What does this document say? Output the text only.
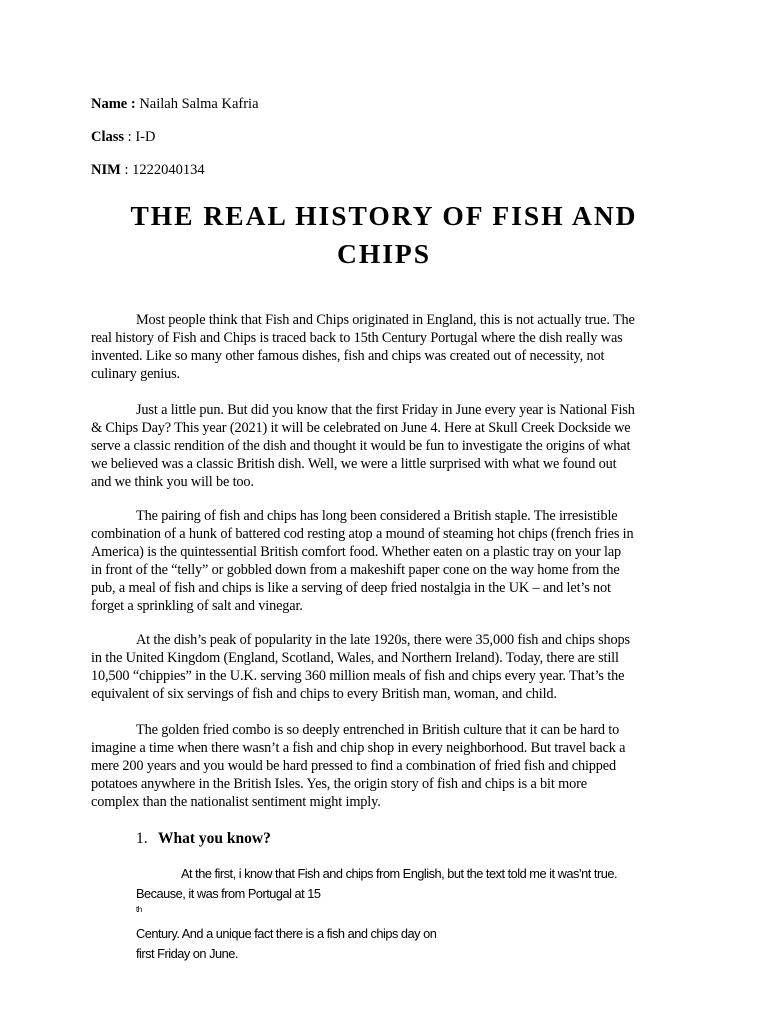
Name : Nailah Salma Kafria
Class : I-D
NIM : 1222040134
THE REAL HISTORY OF FISH AND
CHIPS
Most people think that Fish and Chips originated in England, this is not actually true. The
real history of Fish and Chips is traced back to 15th Century Portugal where the dish really was
invented. Like so many other famous dishes, fish and chips was created out of necessity, not
culinary genius.
Just a little pun. But did you know that the first Friday in June every year is National Fish
& Chips Day? This year (2021) it will be celebrated on June 4. Here at Skull Creek Dockside we
serve a classic rendition of the dish and thought it would be fun to investigate the origins of what
we believed was a classic British dish. Well, we were a little surprised with what we found out
and we think you will be too.
The pairing of fish and chips has long been considered a British staple. The irresistible
combination of a hunk of battered cod resting atop a mound of steaming hot chips (french fries in
America) is the quintessential British comfort food. Whether eaten on a plastic tray on your lap
in front of the “telly” or gobbled down from a makeshift paper cone on the way home from the
pub, a meal of fish and chips is like a serving of deep fried nostalgia in the UK – and let’s not
forget a sprinkling of salt and vinegar.
At the dish’s peak of popularity in the late 1920s, there were 35,000 fish and chips shops
in the United Kingdom (England, Scotland, Wales, and Northern Ireland). Today, there are still
10,500 “chippies” in the U.K. serving 360 million meals of fish and chips every year. That’s the
equivalent of six servings of fish and chips to every British man, woman, and child.
The golden fried combo is so deeply entrenched in British culture that it can be hard to
imagine a time when there wasn’t a fish and chip shop in every neighborhood. But travel back a
mere 200 years and you would be hard pressed to find a combination of fried fish and chipped
potatoes anywhere in the British Isles. Yes, the origin story of fish and chips is a bit more
complex than the nationalist sentiment might imply.
1. What you know?
At the first, i know that Fish and chips from English, but the text told me it was’nt true.
Because, it was from Portugal at 15
$^{th}$
Century. And a unique fact there is a fish and chips day on
first Friday on June.
